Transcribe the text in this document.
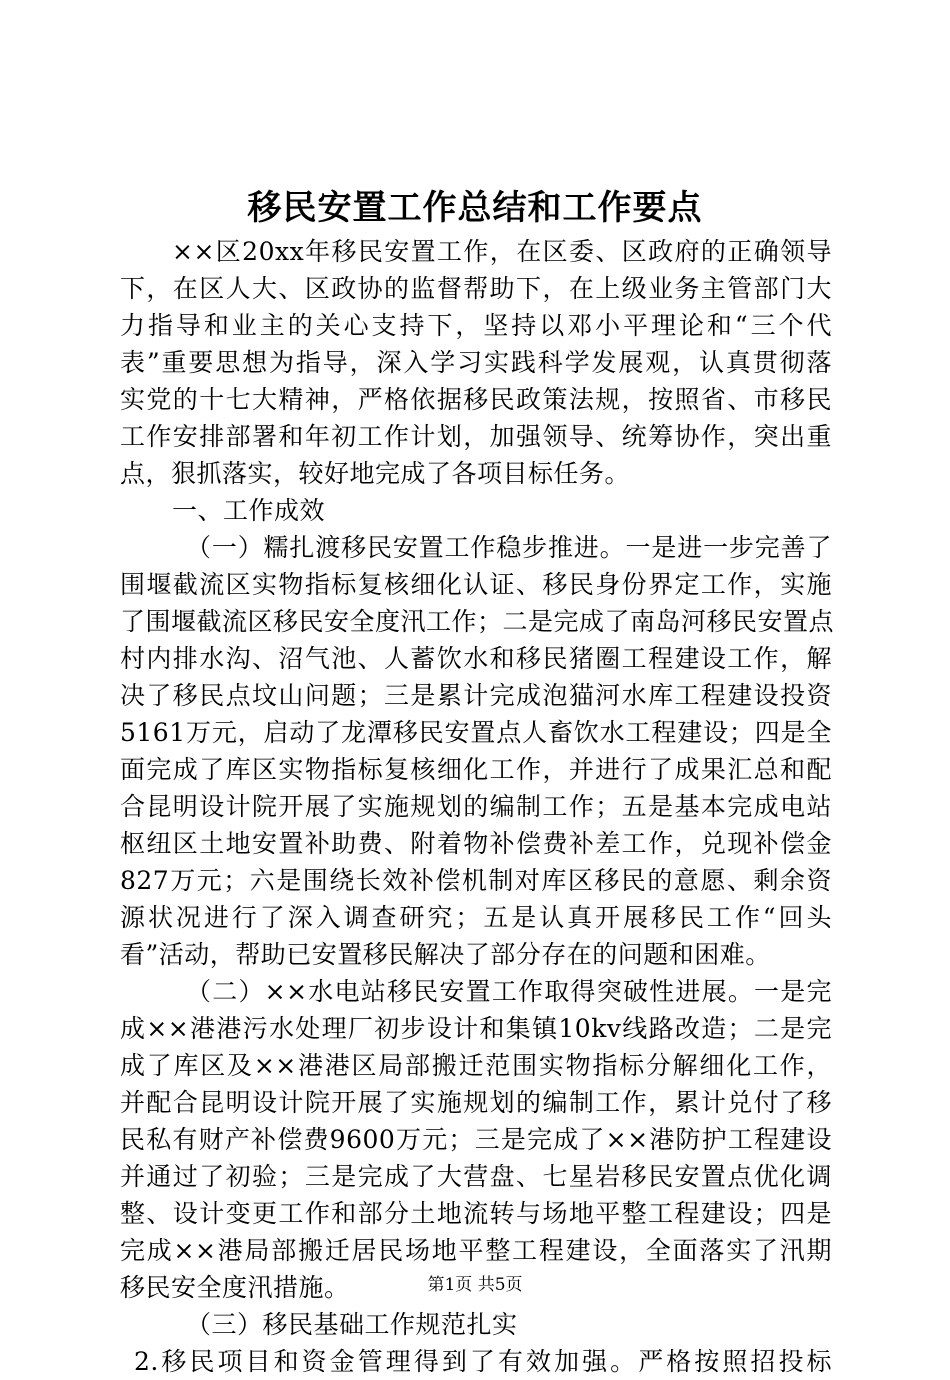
移民安置工作总结和工作要点
××区20xx年移民安置工作，在区委、区政府的正确领导
下，在区人大、区政协的监督帮助下，在上级业务主管部门大
力指导和业主的关心支持下，坚持以邓小平理论和“三个代
表”重要思想为指导，深入学习实践科学发展观，认真贯彻落
实党的十七大精神，严格依据移民政策法规，按照省、市移民
工作安排部署和年初工作计划，加强领导、统筹协作，突出重
点，狠抓落实，较好地完成了各项目标任务。
一、工作成效
（一）糯扎渡移民安置工作稳步推进。一是进一步完善了
围堰截流区实物指标复核细化认证、移民身份界定工作，实施
了围堰截流区移民安全度汛工作；二是完成了南岛河移民安置点
村内排水沟、沼气池、人蓄饮水和移民猪圈工程建设工作，解
决了移民点坟山问题；三是累计完成泡猫河水库工程建设投资
5161万元，启动了龙潭移民安置点人畜饮水工程建设；四是全
面完成了库区实物指标复核细化工作，并进行了成果汇总和配
合昆明设计院开展了实施规划的编制工作；五是基本完成电站
枢纽区土地安置补助费、附着物补偿费补差工作，兑现补偿金
827万元；六是围绕长效补偿机制对库区移民的意愿、剩余资
源状况进行了深入调查研究；五是认真开展移民工作“回头
看”活动，帮助已安置移民解决了部分存在的问题和困难。
（二）××水电站移民安置工作取得突破性进展。一是完
成××港港污水处理厂初步设计和集镇10kv线路改造；二是完
成了库区及××港港区局部搬迁范围实物指标分解细化工作，
并配合昆明设计院开展了实施规划的编制工作，累计兑付了移
民私有财产补偿费9600万元；三是完成了××港防护工程建设
并通过了初验；三是完成了大营盘、七星岩移民安置点优化调
整、设计变更工作和部分土地流转与场地平整工程建设；四是
完成××港局部搬迁居民场地平整工程建设，全面落实了汛期
移民安全度汛措施。
（三）移民基础工作规范扎实
2.移民项目和资金管理得到了有效加强。严格按照招投标
第1页 共5页
